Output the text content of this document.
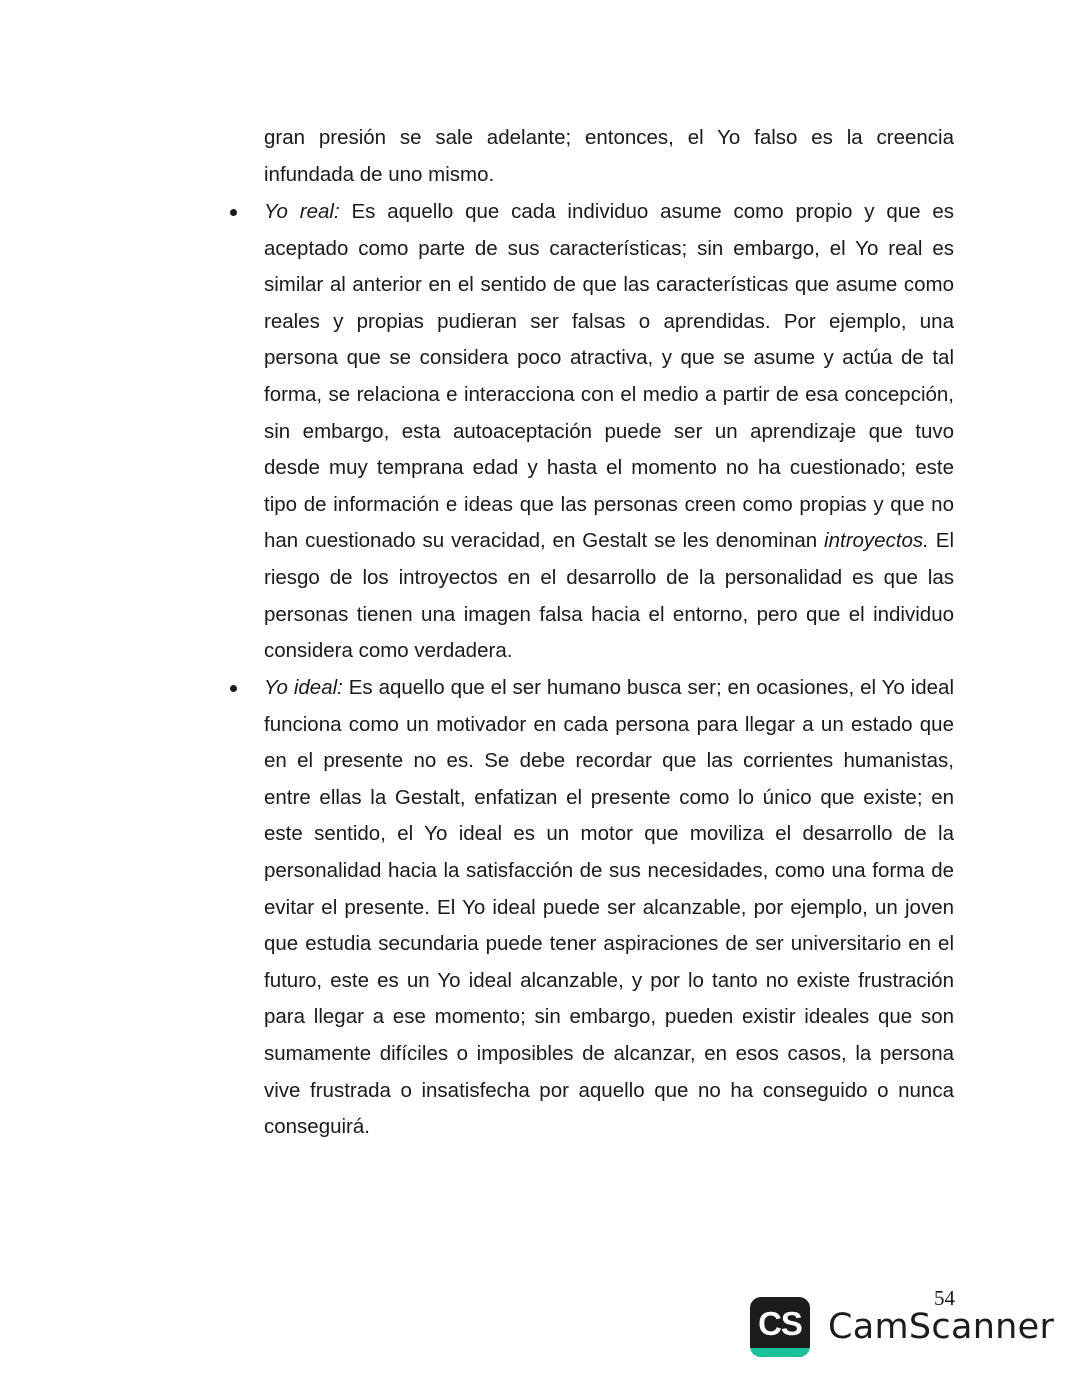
gran presión se sale adelante; entonces, el Yo falso es la creencia infundada de uno mismo.
Yo real: Es aquello que cada individuo asume como propio y que es aceptado como parte de sus características; sin embargo, el Yo real es similar al anterior en el sentido de que las características que asume como reales y propias pudieran ser falsas o aprendidas. Por ejemplo, una persona que se considera poco atractiva, y que se asume y actúa de tal forma, se relaciona e interacciona con el medio a partir de esa concepción, sin embargo, esta autoaceptación puede ser un aprendizaje que tuvo desde muy temprana edad y hasta el momento no ha cuestionado; este tipo de información e ideas que las personas creen como propias y que no han cuestionado su veracidad, en Gestalt se les denominan introyectos. El riesgo de los introyectos en el desarrollo de la personalidad es que las personas tienen una imagen falsa hacia el entorno, pero que el individuo considera como verdadera.
Yo ideal: Es aquello que el ser humano busca ser; en ocasiones, el Yo ideal funciona como un motivador en cada persona para llegar a un estado que en el presente no es. Se debe recordar que las corrientes humanistas, entre ellas la Gestalt, enfatizan el presente como lo único que existe; en este sentido, el Yo ideal es un motor que moviliza el desarrollo de la personalidad hacia la satisfacción de sus necesidades, como una forma de evitar el presente. El Yo ideal puede ser alcanzable, por ejemplo, un joven que estudia secundaria puede tener aspiraciones de ser universitario en el futuro, este es un Yo ideal alcanzable, y por lo tanto no existe frustración para llegar a ese momento; sin embargo, pueden existir ideales que son sumamente difíciles o imposibles de alcanzar, en esos casos, la persona vive frustrada o insatisfecha por aquello que no ha conseguido o nunca conseguirá.
54
CS CamScanner
